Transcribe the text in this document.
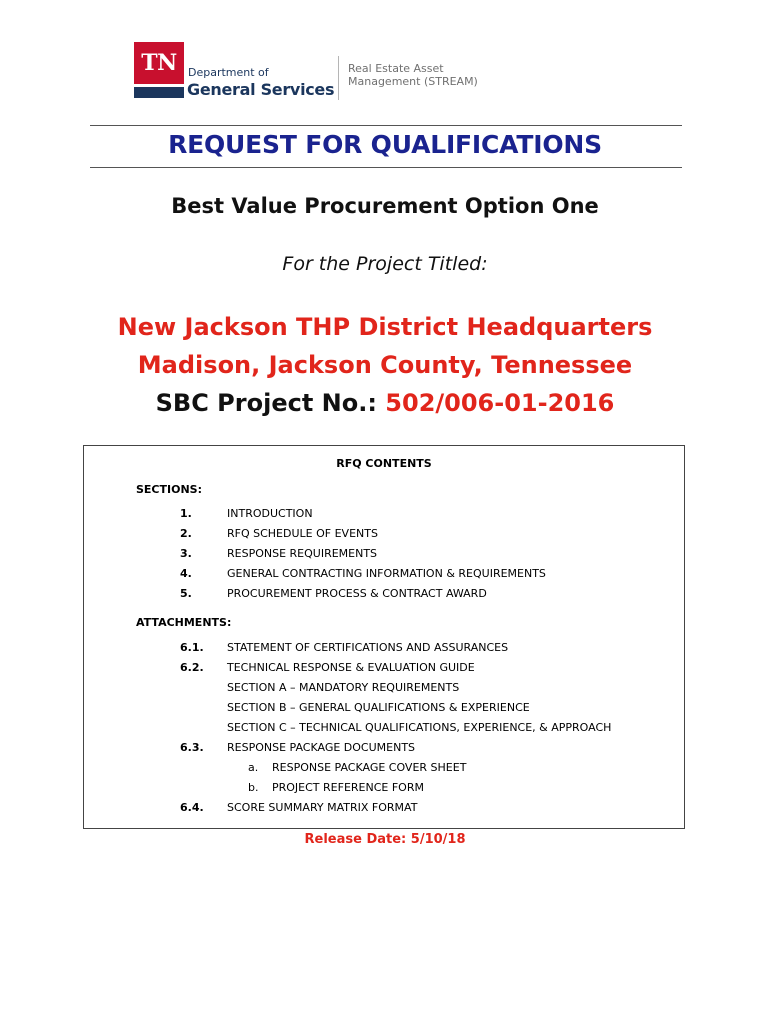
TN	Department of
General Services
Real Estate Asset
Management (STREAM)
REQUEST FOR QUALIFICATIONS
Best Value Procurement Option One
For the Project Titled:
New Jackson THP District Headquarters
Madison, Jackson County, Tennessee
SBC Project No.: 502/006-01-2016
RFQ CONTENTS
SECTIONS:
1.	INTRODUCTION
2.	RFQ SCHEDULE OF EVENTS
3.	RESPONSE REQUIREMENTS
4.	GENERAL CONTRACTING INFORMATION & REQUIREMENTS
5.	PROCUREMENT PROCESS & CONTRACT AWARD
ATTACHMENTS:
6.1. STATEMENT OF CERTIFICATIONS AND ASSURANCES
6.2. TECHNICAL RESPONSE & EVALUATION GUIDE
SECTION A – MANDATORY REQUIREMENTS
SECTION B – GENERAL QUALIFICATIONS & EXPERIENCE
SECTION C – TECHNICAL QUALIFICATIONS, EXPERIENCE, & APPROACH
6.3. RESPONSE PACKAGE DOCUMENTS
a. RESPONSE PACKAGE COVER SHEET
b. PROJECT REFERENCE FORM
6.4. SCORE SUMMARY MATRIX FORMAT
Release Date: 5/10/18
